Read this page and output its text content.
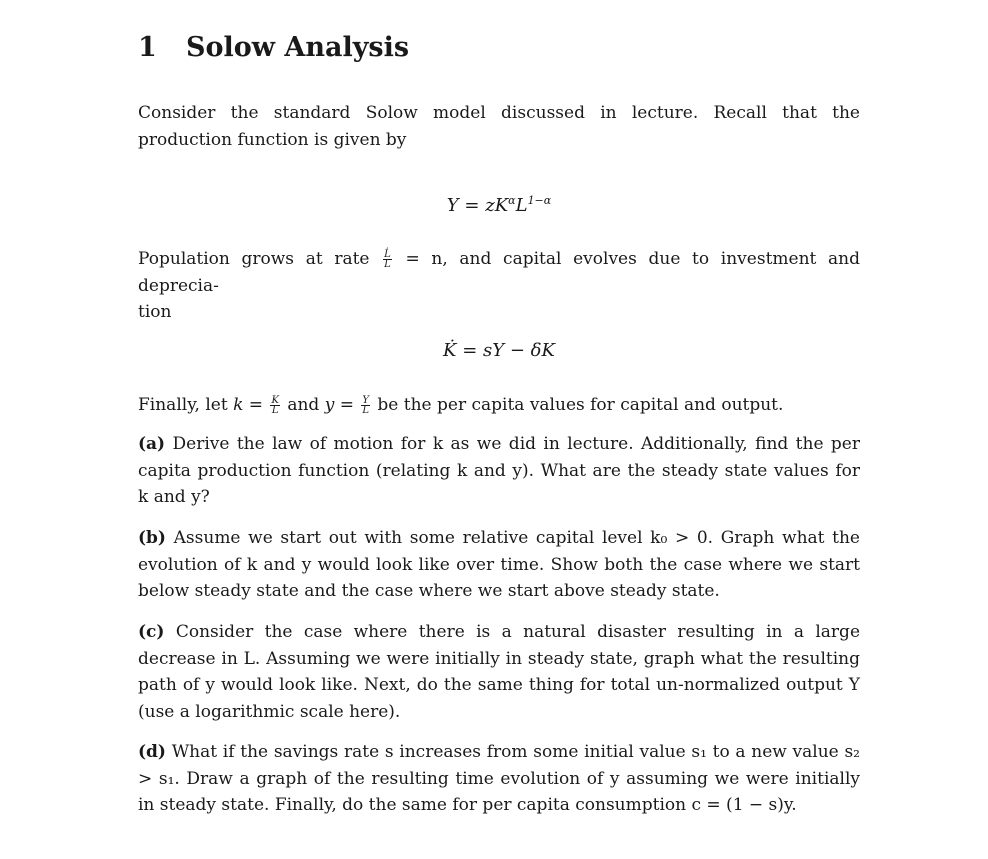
1 Solow Analysis
Consider the standard Solow model discussed in lecture. Recall that the production function is given by
$Y = zK^\alpha L^{1-\alpha}$
Population grows at rate $\frac{L̇}{L} = n$, and capital evolves due to investment and deprecia-
tion
K̇ = sY − δK
Finally, let $k = \frac{K}{L}$ and $y = \frac{Y}{L}$ be the per capita values for capital and output.
(a) Derive the law of motion for k as we did in lecture. Additionally, find the per capita production function (relating k and y). What are the steady state values for k and y?
(b) Assume we start out with some relative capital level k₀ > 0. Graph what the evolution of k and y would look like over time. Show both the case where we start below steady state and the case where we start above steady state.
(c) Consider the case where there is a natural disaster resulting in a large decrease in L. Assuming we were initially in steady state, graph what the resulting path of y would look like. Next, do the same thing for total un-normalized output Y (use a logarithmic scale here).
(d) What if the savings rate s increases from some initial value s₁ to a new value s₂ > s₁. Draw a graph of the resulting time evolution of y assuming we were initially in steady state. Finally, do the same for per capita consumption c = (1 − s)y.
